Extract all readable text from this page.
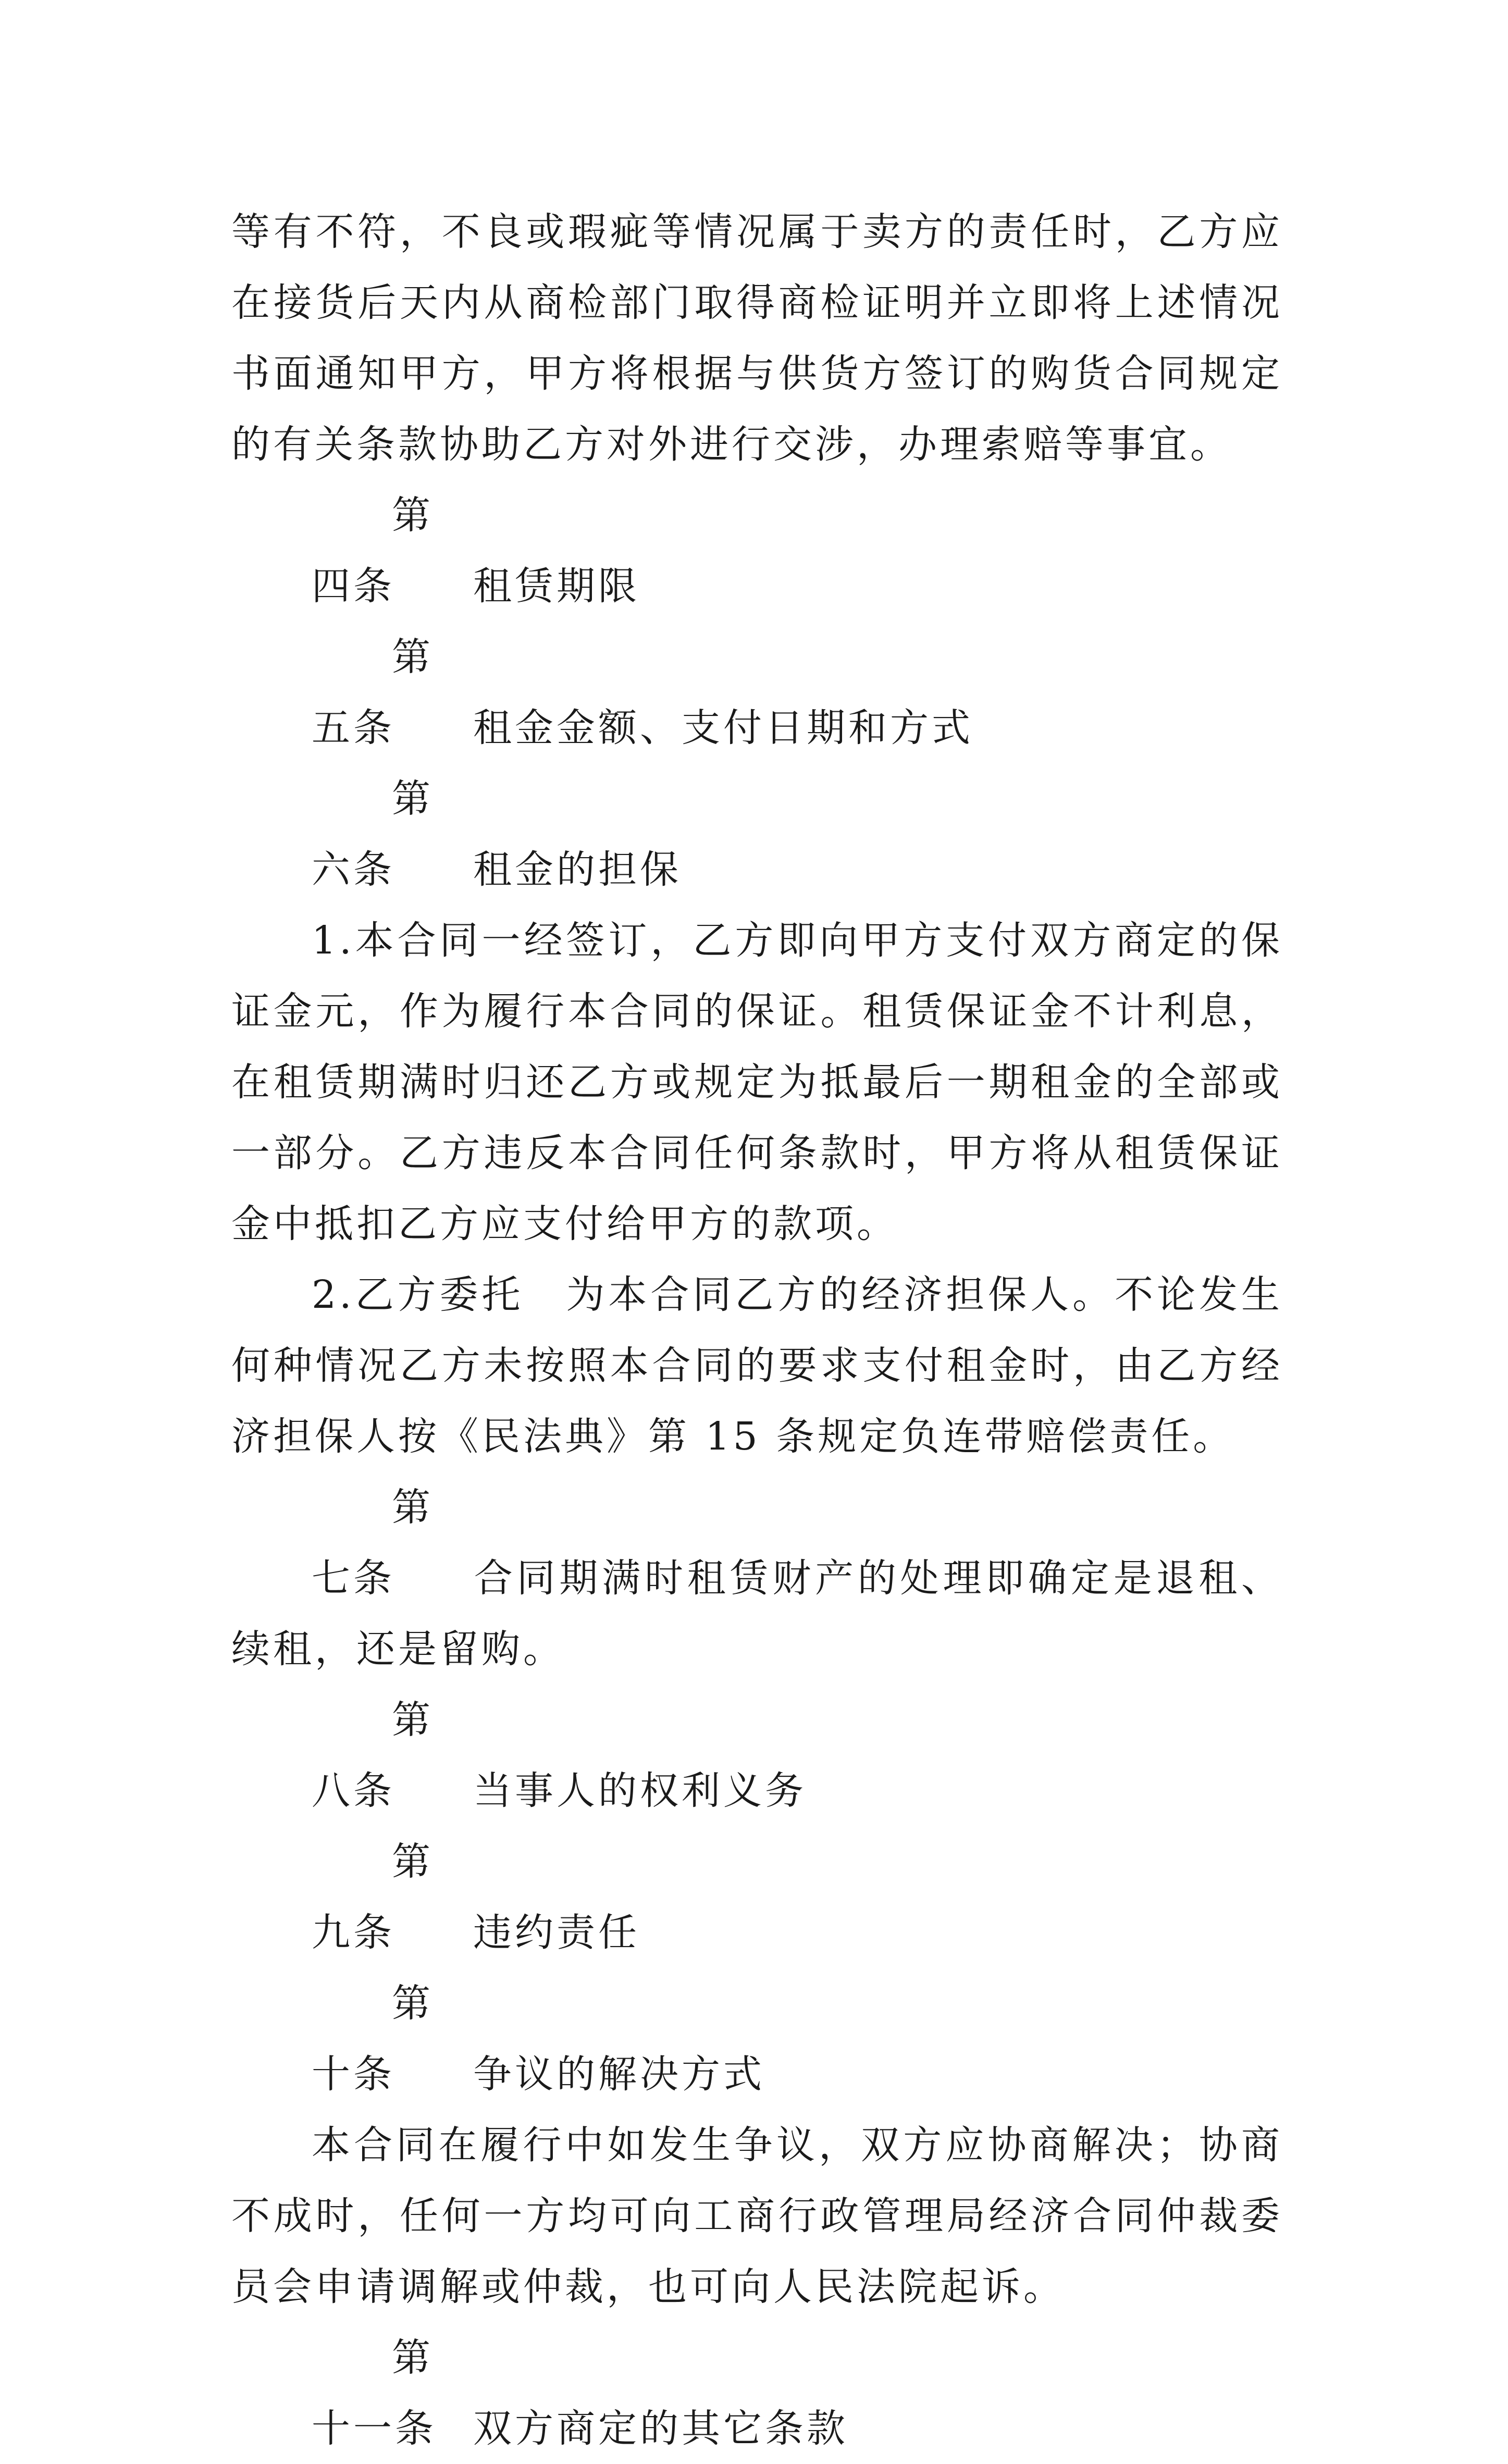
等有不符，不良或瑕疵等情况属于卖方的责任时，乙方应在接货后天内从商检部门取得商检证明并立即将上述情况书面通知甲方，甲方将根据与供货方签订的购货合同规定的有关条款协助乙方对外进行交涉，办理索赔等事宜。

第四条 租赁期限

第五条 租金金额、支付日期和方式

第六条 租金的担保

1.本合同一经签订，乙方即向甲方支付双方商定的保证金元，作为履行本合同的保证。租赁保证金不计利息，在租赁期满时归还乙方或规定为抵最后一期租金的全部或一部分。乙方违反本合同任何条款时，甲方将从租赁保证金中抵扣乙方应支付给甲方的款项。

2.乙方委托　为本合同乙方的经济担保人。不论发生何种情况乙方未按照本合同的要求支付租金时，由乙方经济担保人按《民法典》第 15 条规定负连带赔偿责任。

第七条 合同期满时租赁财产的处理即确定是退租、续租，还是留购。

第八条 当事人的权利义务

第九条 违约责任

第十条 争议的解决方式

本合同在履行中如发生争议，双方应协商解决；协商不成时，任何一方均可向工商行政管理局经济合同仲裁委员会申请调解或仲裁，也可向人民法院起诉。

第十一条 双方商定的其它条款
